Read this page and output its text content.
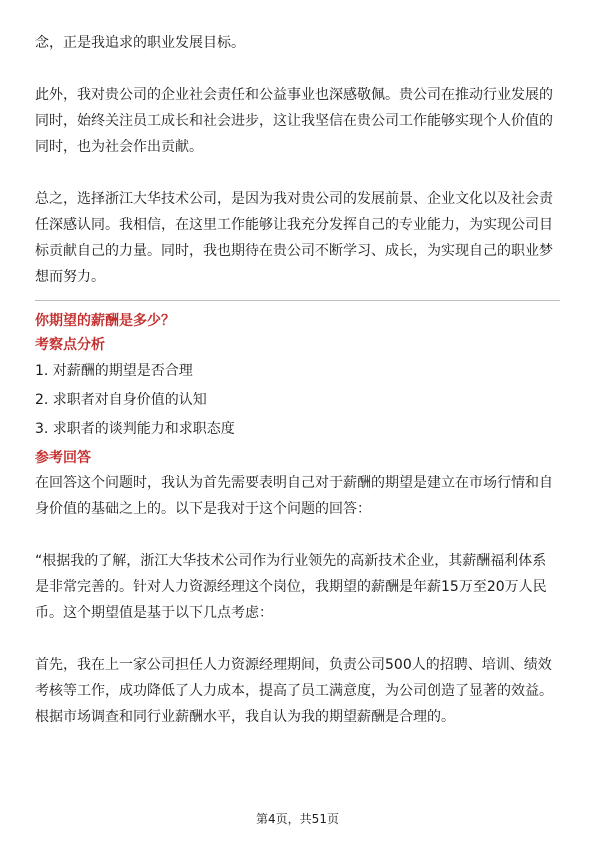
念，正是我追求的职业发展目标。

此外，我对贵公司的企业社会责任和公益事业也深感敬佩。贵公司在推动行业发展的同时，始终关注员工成长和社会进步，这让我坚信在贵公司工作能够实现个人价值的同时，也为社会作出贡献。

总之，选择浙江大华技术公司，是因为我对贵公司的发展前景、企业文化以及社会责任深感认同。我相信，在这里工作能够让我充分发挥自己的专业能力，为实现公司目标贡献自己的力量。同时，我也期待在贵公司不断学习、成长，为实现自己的职业梦想而努力。

你期望的薪酬是多少？
考察点分析
1. 对薪酬的期望是否合理
2. 求职者对自身价值的认知
3. 求职者的谈判能力和求职态度
参考回答

在回答这个问题时，我认为首先需要表明自己对于薪酬的期望是建立在市场行情和自身价值的基础之上的。以下是我对于这个问题的回答：

“根据我的了解，浙江大华技术公司作为行业领先的高新技术企业，其薪酬福利体系是非常完善的。针对人力资源经理这个岗位，我期望的薪酬是年薪15万至20万人民币。这个期望值是基于以下几点考虑：

首先，我在上一家公司担任人力资源经理期间，负责公司500人的招聘、培训、绩效考核等工作，成功降低了人力成本，提高了员工满意度，为公司创造了显著的效益。根据市场调查和同行业薪酬水平，我自认为我的期望薪酬是合理的。

第4页，共51页
